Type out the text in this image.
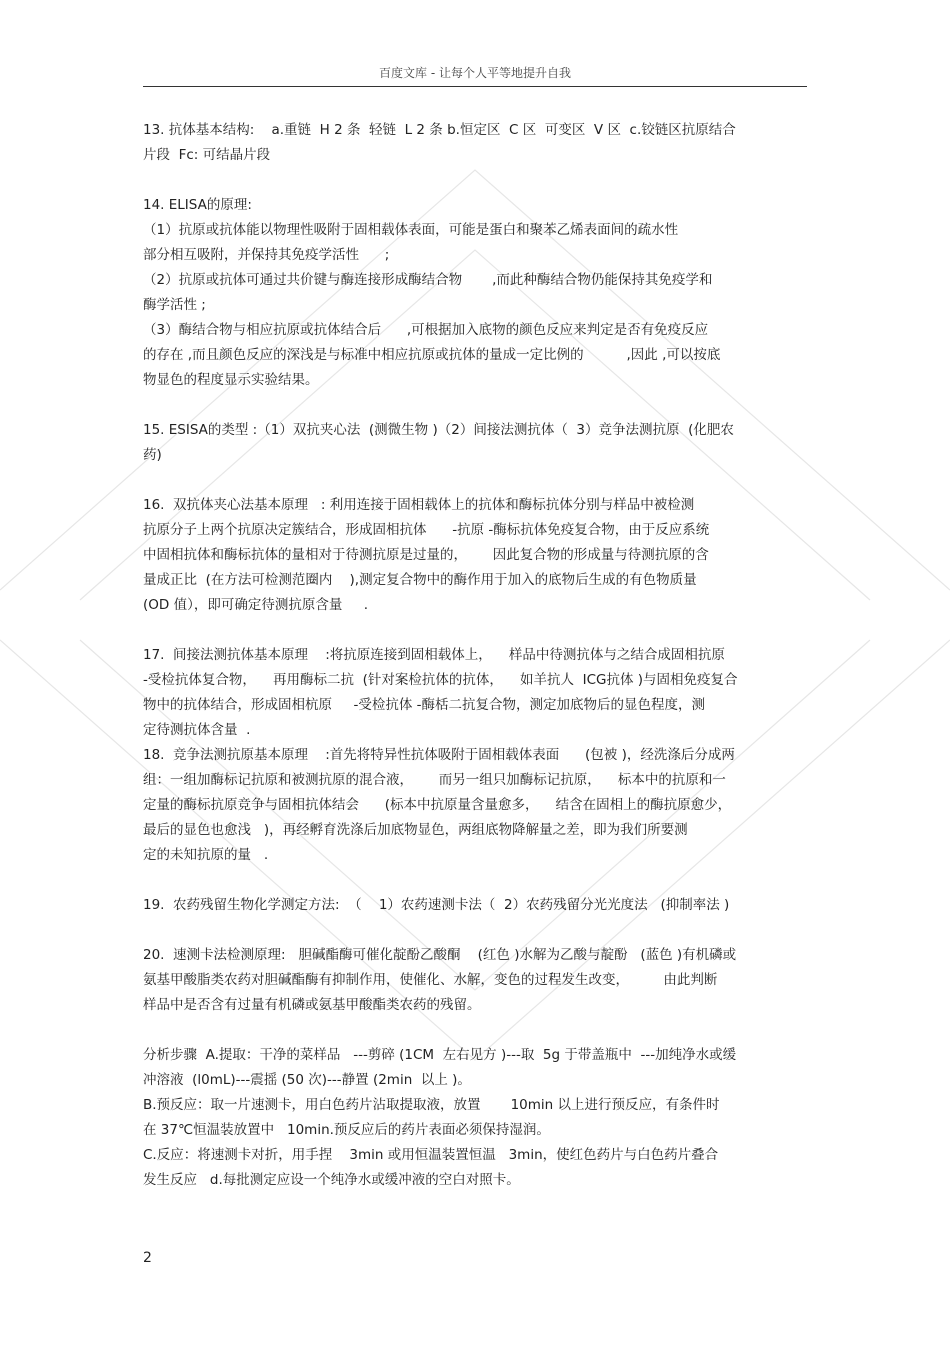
百度文库 - 让每个人平等地提升自我

13. 抗体基本结构:    a.重链  H 2 条  轻链  L 2 条 b.恒定区  C 区  可变区  V 区  c.铰链区抗原结合

片段  Fc: 可结晶片段

14. ELISA的原理:

（1）抗原或抗体能以物理性吸附于固相载体表面，可能是蛋白和聚苯乙烯表面间的疏水性

部分相互吸附，并保持其免疫学活性      ;

（2）抗原或抗体可通过共价键与酶连接形成酶结合物       ,而此种酶结合物仍能保持其免疫学和

酶学活性 ;

（3）酶结合物与相应抗原或抗体结合后      ,可根据加入底物的颜色反应来判定是否有免疫反应

的存在 ,而且颜色反应的深浅是与标准中相应抗原或抗体的量成一定比例的          ,因此 ,可以按底

物显色的程度显示实验结果。

15. ESISA的类型 :（1）双抗夹心法  (测微生物 )（2）间接法测抗体（  3）竞争法测抗原  (化肥农

药)

16.  双抗体夹心法基本原理   : 利用连接于固相载体上的抗体和酶标抗体分别与样品中被检测

抗原分子上两个抗原决定簇结合，形成固相抗体      -抗原 -酶标抗体免疫复合物，由于反应系统

中固相抗体和酶标抗体的量相对于待测抗原是过量的，      因此复合物的形成量与待测抗原的含

量成正比  (在方法可检测范圈内    ),测定复合物中的酶作用于加入的底物后生成的有色物质量

(OD 值），即可确定待测抗原含量     .

17.  间接法测抗体基本原理    :将抗原连接到固相载体上，    样品中待测抗体与之结合成固相抗原

-受检抗体复合物，    再用酶标二抗  (针对案检抗体的抗体，    如羊抗人  ICG抗体 )与固相免疫复合

物中的抗体结合，形成固相杭原     -受检抗体 -酶栝二抗复合物，测定加底物后的显色程度，测

定待测抗体含量  .

18.  竞争法测抗原基本原理    :首先将特异性抗体吸附于固相载体表面      (包被 )，经洗涤后分成两

组：一组加酶标记抗原和被测抗原的混合液，      而另一组只加酶标记抗原，    标本中的抗原和一

定量的酶标抗原竞争与固相抗体结会      (标本中抗原量含量愈多，    结含在固相上的酶抗原愈少，

最后的显色也愈浅   )，再经孵育洗涤后加底物显色，两组底物降解量之差，即为我们所要测

定的未知抗原的量   .

19.  农药残留生物化学测定方法:  （    1）农药速测卡法（  2）农药残留分光光度法   (抑制率法 )

20.  速测卡法检测原理:   胆碱酯酶可催化靛酚乙酸酮    (红色 )水解为乙酸与靛酚   (蓝色 )有机磷或

氨基甲酸脂类农药对胆碱酯酶有抑制作用，使催化、水解，变色的过程发生改变，        由此判断

样品中是否含有过量有机磷或氨基甲酸酯类农药的残留。

分析步骤  A.提取：干净的菜样品   ---剪碎 (1CM  左右见方 )---取  5g 于带盖瓶中  ---加纯净水或缓

冲溶液  (l0mL)---震摇 (50 次)---静置 (2min  以上 )。

B.预反应：取一片速测卡，用白色药片沾取提取液，放置       10min 以上进行预反应，有条件时

在 37℃恒温装放置中   10min.预反应后的药片表面必须保持湿润。

C.反应：将速测卡对折，用手捏    3min 或用恒温装置恒温   3min，使红色药片与白色药片叠合

发生反应   d.每批测定应设一个纯净水或缓冲液的空白对照卡。

2
